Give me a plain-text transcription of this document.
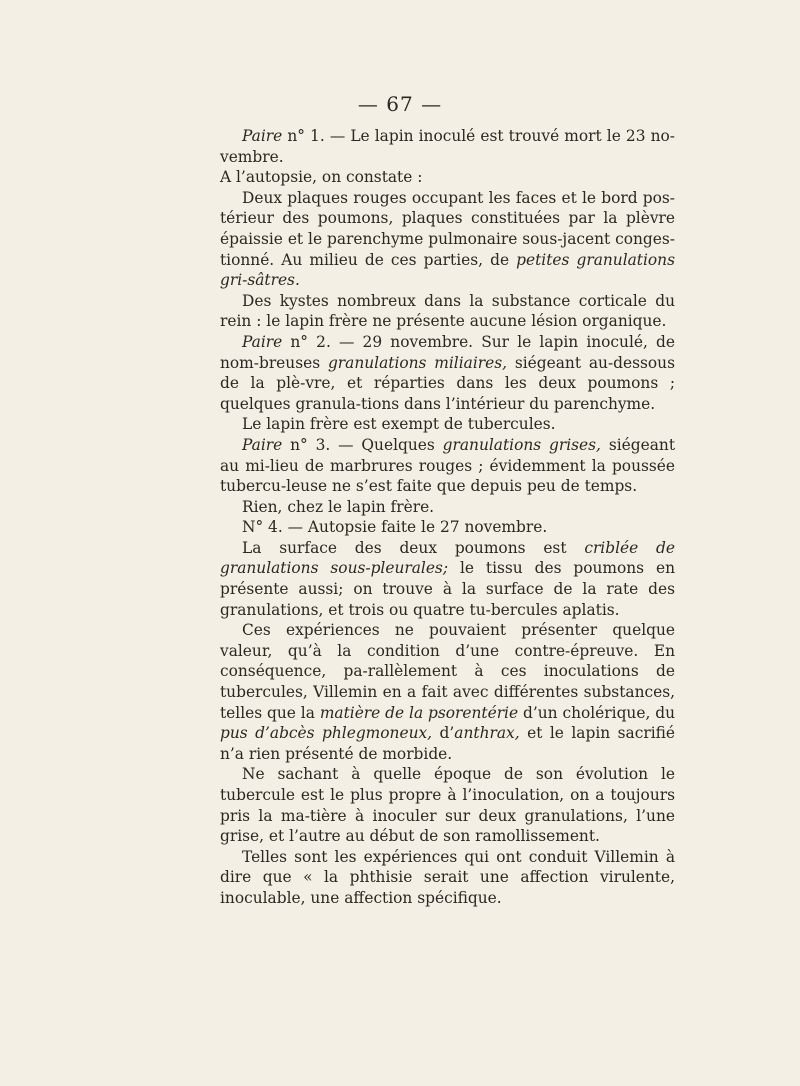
— 67 —

Paire n° 1. — Le lapin inoculé est trouvé mort le 23 no-vembre.

A l’autopsie, on constate :

Deux plaques rouges occupant les faces et le bord pos-térieur des poumons, plaques constituées par la plèvre épaissie et le parenchyme pulmonaire sous-jacent conges-tionné. Au milieu de ces parties, de petites granulations gri-sâtres.

Des kystes nombreux dans la substance corticale du rein : le lapin frère ne présente aucune lésion organique.

Paire n° 2. — 29 novembre. Sur le lapin inoculé, de nom-breuses granulations miliaires, siégeant au-dessous de la plè-vre, et réparties dans les deux poumons ; quelques granula-tions dans l’intérieur du parenchyme.

Le lapin frère est exempt de tubercules.

Paire n° 3. — Quelques granulations grises, siégeant au mi-lieu de marbrures rouges ; évidemment la poussée tubercu-leuse ne s’est faite que depuis peu de temps.

Rien, chez le lapin frère.

N° 4. — Autopsie faite le 27 novembre.

La surface des deux poumons est criblée de granulations sous-pleurales; le tissu des poumons en présente aussi; on trouve à la surface de la rate des granulations, et trois ou quatre tu-bercules aplatis.

Ces expériences ne pouvaient présenter quelque valeur, qu’à la condition d’une contre-épreuve. En conséquence, pa-rallèlement à ces inoculations de tubercules, Villemin en a fait avec différentes substances, telles que la matière de la psorentérie d’un cholérique, du pus d’abcès phlegmoneux, d’anthrax, et le lapin sacrifié n’a rien présenté de morbide.

Ne sachant à quelle époque de son évolution le tubercule est le plus propre à l’inoculation, on a toujours pris la ma-tière à inoculer sur deux granulations, l’une grise, et l’autre au début de son ramollissement.

Telles sont les expériences qui ont conduit Villemin à dire que « la phthisie serait une affection virulente, inoculable, une affection spécifique.
